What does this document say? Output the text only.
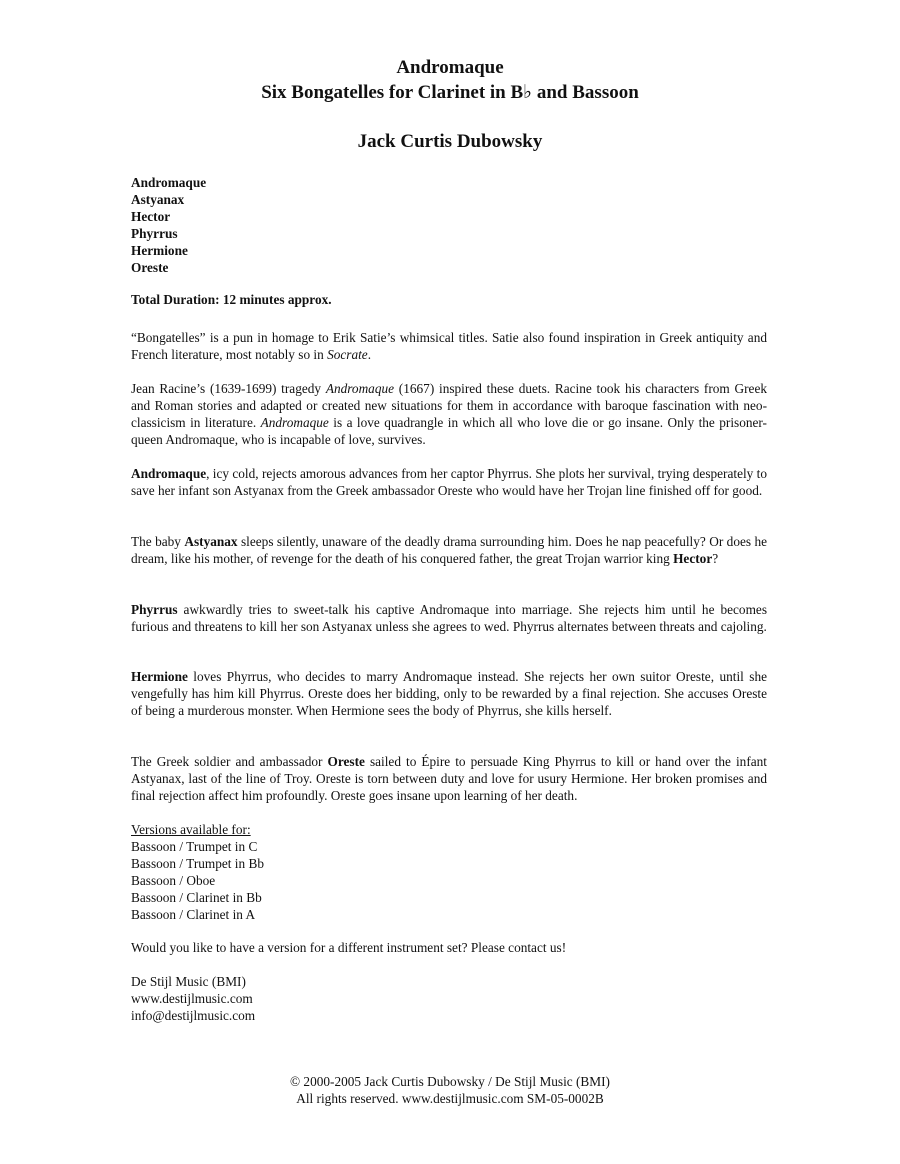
Andromaque
Six Bongatelles for Clarinet in B♭ and Bassoon
Jack Curtis Dubowsky
Andromaque
Astyanax
Hector
Phyrrus
Hermione
Oreste
Total Duration: 12 minutes approx.
“Bongatelles” is a pun in homage to Erik Satie’s whimsical titles. Satie also found inspiration in Greek antiquity and French literature, most notably so in Socrate.
Jean Racine’s (1639-1699) tragedy Andromaque (1667) inspired these duets. Racine took his characters from Greek and Roman stories and adapted or created new situations for them in accordance with baroque fascination with neo-classicism in literature. Andromaque is a love quadrangle in which all who love die or go insane. Only the prisoner-queen Andromaque, who is incapable of love, survives.
Andromaque, icy cold, rejects amorous advances from her captor Phyrrus. She plots her survival, trying desperately to save her infant son Astyanax from the Greek ambassador Oreste who would have her Trojan line finished off for good.
The baby Astyanax sleeps silently, unaware of the deadly drama surrounding him. Does he nap peacefully? Or does he dream, like his mother, of revenge for the death of his conquered father, the great Trojan warrior king Hector?
Phyrrus awkwardly tries to sweet-talk his captive Andromaque into marriage. She rejects him until he becomes furious and threatens to kill her son Astyanax unless she agrees to wed. Phyrrus alternates between threats and cajoling.
Hermione loves Phyrrus, who decides to marry Andromaque instead. She rejects her own suitor Oreste, until she vengefully has him kill Phyrrus. Oreste does her bidding, only to be rewarded by a final rejection. She accuses Oreste of being a murderous monster. When Hermione sees the body of Phyrrus, she kills herself.
The Greek soldier and ambassador Oreste sailed to Épire to persuade King Phyrrus to kill or hand over the infant Astyanax, last of the line of Troy. Oreste is torn between duty and love for usury Hermione. Her broken promises and final rejection affect him profoundly. Oreste goes insane upon learning of her death.
Versions available for:
Bassoon / Trumpet in C
Bassoon / Trumpet in Bb
Bassoon / Oboe
Bassoon / Clarinet in Bb
Bassoon / Clarinet in A
Would you like to have a version for a different instrument set? Please contact us!
De Stijl Music (BMI)
www.destijlmusic.com
info@destijlmusic.com
© 2000-2005 Jack Curtis Dubowsky / De Stijl Music (BMI)
All rights reserved. www.destijlmusic.com SM-05-0002B
